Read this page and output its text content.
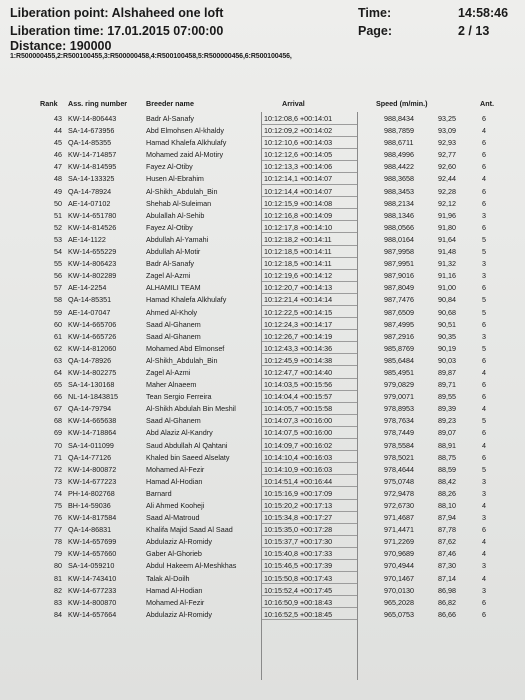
Liberation point: Alshaheed one loft
Liberation time: 17.01.2015 07:00:00
Time:	14:58:46
Page:	2 / 13
Distance: 190000
1:R500000455,2:R500100455,3:R500000458,4:R500100458,5:R500000456,6:R500100456,
Rank Ass. ring number	Breeder name	Arrival	Speed (m/min.)	Ant.
43 KW-14-806443	Badr Al-Sanafy	10:12:08,6 +00:14:01	988,8434	93,25	6
44 SA-14-673956	Abd Elmohsen Al-khaldy	10:12:09,2 +00:14:02	988,7859	93,09	4
45 QA-14-85355	Hamad Khalefa Alkhulafy	10:12:10,6 +00:14:03	988,6711	92,93	6
46 KW-14-714857	Mohamed zaid Al-Motiry	10:12:12,6 +00:14:05	988,4996	92,77	6
47 KW-14-814595	Fayez Al-Otiby	10:12:13,3 +00:14:06	988,4422	92,60	6
48 SA-14-133325	Husen Al-Ebrahim	10:12:14,1 +00:14:07	988,3658	92,44	4
49 QA-14-78924	Al-Shikh_Abdulah_Bin	10:12:14,4 +00:14:07	988,3453	92,28	6
50 AE-14-07102	Shehab Al-Suleiman	10:12:15,9 +00:14:08	988,2134	92,12	6
51 KW-14-651780	Abulallah Al-Sehib	10:12:16,8 +00:14:09	988,1346	91,96	3
52 KW-14-814526	Fayez Al-Otiby	10:12:17,8 +00:14:10	988,0566	91,80	6
53 AE-14-1122	Abdullah Al-Yamahi	10:12:18,2 +00:14:11	988,0164	91,64	5
54 KW-14-655229	Abdullah Al-Motir	10:12:18,5 +00:14:11	987,9958	91,48	5
55 KW-14-806423	Badr Al-Sanafy	10:12:18,5 +00:14:11	987,9951	91,32	3
56 KW-14-802289	Zagel Al-Azmi	10:12:19,6 +00:14:12	987,9016	91,16	3
57 AE-14-2254	ALHAMILI TEAM	10:12:20,7 +00:14:13	987,8049	91,00	6
58 QA-14-85351	Hamad Khalefa Alkhulafy	10:12:21,4 +00:14:14	987,7476	90,84	5
59 AE-14-07047	Ahmed Al-Kholy	10:12:22,5 +00:14:15	987,6509	90,68	5
60 KW-14-665706	Saad Al-Ghanem	10:12:24,3 +00:14:17	987,4995	90,51	6
61 KW-14-665726	Saad Al-Ghanem	10:12:26,7 +00:14:19	987,2916	90,35	3
62 KW-14-812060	Mohamed Abd Elmonsef	10:12:43,3 +00:14:36	985,8769	90,19	5
63 QA-14-78926	Al-Shikh_Abdulah_Bin	10:12:45,9 +00:14:38	985,6484	90,03	6
64 KW-14-802275	Zagel Al-Azmi	10:12:47,7 +00:14:40	985,4951	89,87	4
65 SA-14-130168	Maher Alnaeem	10:14:03,5 +00:15:56	979,0829	89,71	6
66 NL-14-1843815	Tean Sergio Ferreira	10:14:04,4 +00:15:57	979,0071	89,55	6
67 QA-14-79794	Al-Shikh Abdulah Bin Meshil	10:14:05,7 +00:15:58	978,8953	89,39	4
68 KW-14-665638	Saad Al-Ghanem	10:14:07,3 +00:16:00	978,7634	89,23	5
69 KW-14-718864	Abd Alaziz Al-Kandry	10:14:07,5 +00:16:00	978,7449	89,07	6
70 SA-14-011099	Saud Abdullah Al Qahtani	10:14:09,7 +00:16:02	978,5584	88,91	4
71 QA-14-77126	Khaled bin Saeed Alselaty	10:14:10,4 +00:16:03	978,5021	88,75	6
72 KW-14-800872	Mohamed Al-Fezir	10:14:10,9 +00:16:03	978,4644	88,59	5
73 KW-14-677223	Hamad Al-Hodian	10:14:51,4 +00:16:44	975,0748	88,42	3
74 PH-14-802768	Barnard	10:15:16,9 +00:17:09	972,9478	88,26	3
75 BH-14-59036	Ali Ahmed Kooheji	10:15:20,2 +00:17:13	972,6730	88,10	4
76 KW-14-817584	Saad Al-Matroud	10:15:34,8 +00:17:27	971,4687	87,94	3
77 QA-14-86831	Khalifa Majid Saad Al Saad	10:15:35,0 +00:17:28	971,4471	87,78	6
78 KW-14-657699	Abdulaziz Al-Romidy	10:15:37,7 +00:17:30	971,2269	87,62	4
79 KW-14-657660	Gaber Al-Ghorieb	10:15:40,8 +00:17:33	970,9689	87,46	4
80 SA-14-059210	Abdul Hakeem Al-Meshkhas	10:15:46,5 +00:17:39	970,4944	87,30	3
81 KW-14-743410	Talak Al-Doilh	10:15:50,8 +00:17:43	970,1467	87,14	4
82 KW-14-677233	Hamad Al-Hodian	10:15:52,4 +00:17:45	970,0130	86,98	3
83 KW-14-800870	Mohamed Al-Fezir	10:16:50,9 +00:18:43	965,2028	86,82	6
84 KW-14-657664	Abdulaziz Al-Romidy	10:16:52,5 +00:18:45	965,0753	86,66	6
